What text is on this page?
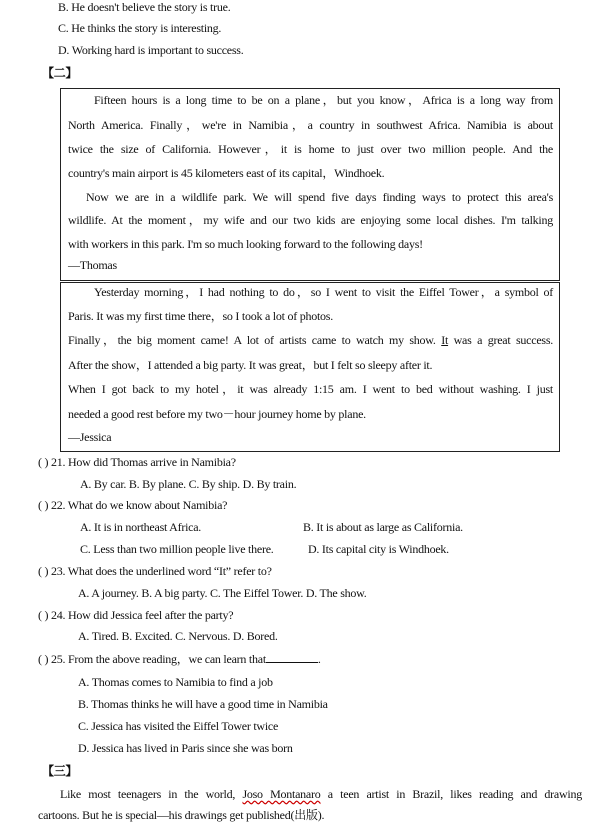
B. He doesn't believe the story is true.
C. He thinks the story is interesting.
D. Working hard is important to success.
【二】
Fifteen hours is a long time to be on a plane，but you know，Africa is a long way from
North America. Finally，we're in Namibia，a country in southwest Africa. Namibia is about
twice the size of California. However，it is home to just over two million people. And the
country's main airport is 45 kilometers east of its capital，Windhoek.
Now we are in a wildlife park. We will spend five days finding ways to protect this area's
wildlife. At the moment，my wife and our two kids are enjoying some local dishes. I'm talking
with workers in this park. I'm so much looking forward to the following days!
—Thomas
Yesterday morning，I had nothing to do，so I went to visit the Eiffel Tower，a symbol of
Paris. It was my first time there，so I took a lot of photos.
Finally，the big moment came! A lot of artists came to watch my show. It was a great success.
After the show，I attended a big party. It was great，but I felt so sleepy after it.
When I got back to my hotel，it was already 1:15 am. I went to bed without washing. I just
needed a good rest before my two－hour journey home by plane.
—Jessica
( ) 21. How did Thomas arrive in Namibia?
A. By car. B. By plane. C. By ship. D. By train.
( ) 22. What do we know about Namibia?
A. It is in northeast Africa.	B. It is about as large as California.
C. Less than two million people live there.	D. Its capital city is Windhoek.
( ) 23. What does the underlined word “It” refer to?
A. A journey. B. A big party. C. The Eiffel Tower. D. The show.
( ) 24. How did Jessica feel after the party?
A. Tired. B. Excited. C. Nervous. D. Bored.
( ) 25. From the above reading，we can learn that	.
A. Thomas comes to Namibia to find a job
B. Thomas thinks he will have a good time in Namibia
C. Jessica has visited the Eiffel Tower twice
D. Jessica has lived in Paris since she was born
【三】
Like most teenagers in the world, Joso Montanaro a teen artist in Brazil, likes reading and drawing
cartoons. But he is special—his drawings get published(出版).
